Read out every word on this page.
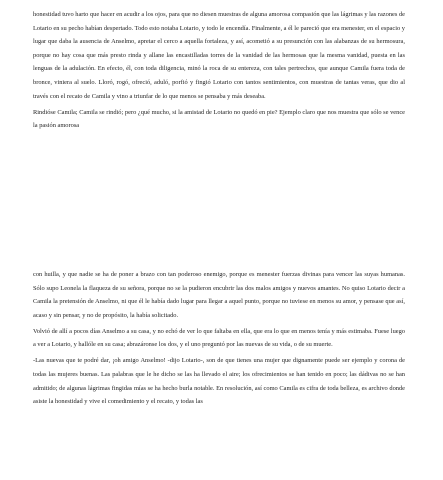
honestidad tuvo harto que hacer en acudir a los ojos, para que no diesen muestras de alguna amorosa compasión que las lágrimas y las razones de Lotario en su pecho habían despertado. Todo esto notaba Lotario, y todo le encendía. Finalmente, a él le pareció que era menester, en el espacio y lugar que daba la ausencia de Anselmo, apretar el cerco a aquella fortaleza, y así, acometió a su presunción con las alabanzas de su hermosura, porque no hay cosa que más presto rinda y allane las encastilladas torres de la vanidad de las hermosas que la mesma vanidad, puesta en las lenguas de la adulación. En efecto, él, con toda diligencia, minó la roca de su entereza, con tales pertrechos, que aunque Camila fuera toda de bronce, viniera al suelo. Lloró, rogó, ofreció, aduló, porfió y fingió Lotario con tantos sentimientos, con muestras de tantas veras, que dio al través con el recato de Camila y vino a triunfar de lo que menos se pensaba y más deseaba.

Rindióse Camila; Camila se rindió; pero ¿qué mucho, si la amistad de Lotario no quedó en pie? Ejemplo claro que nos muestra que sólo se vence la pasión amorosa

con huilla, y que nadie se ha de poner a brazo con tan poderoso enemigo, porque es menester fuerzas divinas para vencer las suyas humanas. Sólo supo Leonela la flaqueza de su señora, porque no se la pudieron encubrir las dos malos amigos y nuevos amantes. No quiso Lotario decir a Camila la pretensión de Anselmo, ni que él le había dado lugar para llegar a aquel punto, porque no tuviese en menos su amor, y pensase que así, acaso y sin pensar, y no de propósito, la había solicitado.

Volvió de allí a pocos días Anselmo a su casa, y no echó de ver lo que faltaba en ella, que era lo que en menos tenía y más estimaba. Fuese luego a ver a Lotario, y hallóle en su casa; abrazáronse los dos, y el uno preguntó por las nuevas de su vida, o de su muerte.

-Las nuevas que te podré dar, ¡oh amigo Anselmo! -dijo Lotario-, son de que tienes una mujer que dignamente puede ser ejemplo y corona de todas las mujeres buenas. Las palabras que le he dicho se las ha llevado el aire; los ofrecimientos se han tenido en poco; las dádivas no se han admitido; de algunas lágrimas fingidas mías se ha hecho burla notable. En resolución, así como Camila es cifra de toda belleza, es archivo donde asiste la honestidad y vive el comedimiento y el recato, y todas las
